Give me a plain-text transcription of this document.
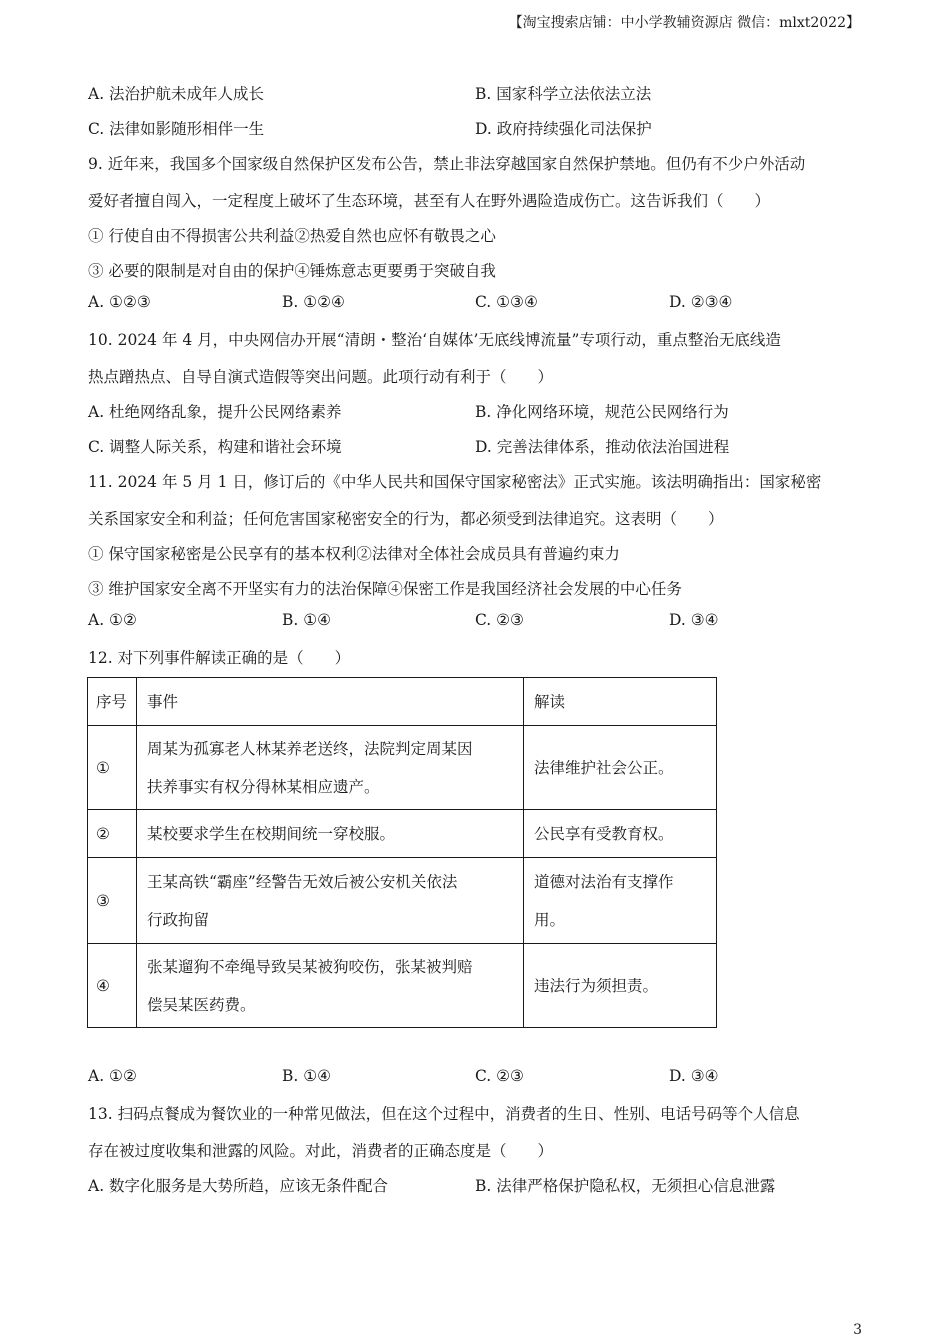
【淘宝搜索店铺：中小学教辅资源店 微信：mlxt2022】
A. 法治护航未成年人成长	B. 国家科学立法依法立法
C. 法律如影随形相伴一生	D. 政府持续强化司法保护
9. 近年来，我国多个国家级自然保护区发布公告，禁止非法穿越国家自然保护禁地。但仍有不少户外活动
爱好者擅自闯入，一定程度上破坏了生态环境，甚至有人在野外遇险造成伤亡。这告诉我们（　　）
① 行使自由不得损害公共利益②热爱自然也应怀有敬畏之心
③ 必要的限制是对自由的保护④锤炼意志更要勇于突破自我
A. ①②③	B. ①②④	C. ①③④	D. ②③④
10. 2024 年 4 月，中央网信办开展“清朗・整治‘自媒体’无底线博流量”专项行动，重点整治无底线造
热点蹭热点、自导自演式造假等突出问题。此项行动有利于（　　）
A. 杜绝网络乱象，提升公民网络素养	B. 净化网络环境，规范公民网络行为
C. 调整人际关系，构建和谐社会环境	D. 完善法律体系，推动依法治国进程
11. 2024 年 5 月 1 日，修订后的《中华人民共和国保守国家秘密法》正式实施。该法明确指出：国家秘密
关系国家安全和利益；任何危害国家秘密安全的行为，都必须受到法律追究。这表明（　　）
① 保守国家秘密是公民享有的基本权利②法律对全体社会成员具有普遍约束力
③ 维护国家安全离不开坚实有力的法治保障④保密工作是我国经济社会发展的中心任务
A. ①②	B. ①④	C. ②③	D. ③④
12. 对下列事件解读正确的是（　　）
序号	事件	解读
①	周某为孤寡老人林某养老送终，法院判定周某因
扶养事实有权分得林某相应遗产。	法律维护社会公正。
②	某校要求学生在校期间统一穿校服。	公民享有受教育权。
③	王某高铁“霸座”经警告无效后被公安机关依法
行政拘留	道德对法治有支撑作
用。
④	张某遛狗不牵绳导致吴某被狗咬伤，张某被判赔
偿吴某医药费。	违法行为须担责。
A. ①②	B. ①④	C. ②③	D. ③④
13. 扫码点餐成为餐饮业的一种常见做法，但在这个过程中，消费者的生日、性别、电话号码等个人信息
存在被过度收集和泄露的风险。对此，消费者的正确态度是（　　）
A. 数字化服务是大势所趋，应该无条件配合	B. 法律严格保护隐私权，无须担心信息泄露
3
